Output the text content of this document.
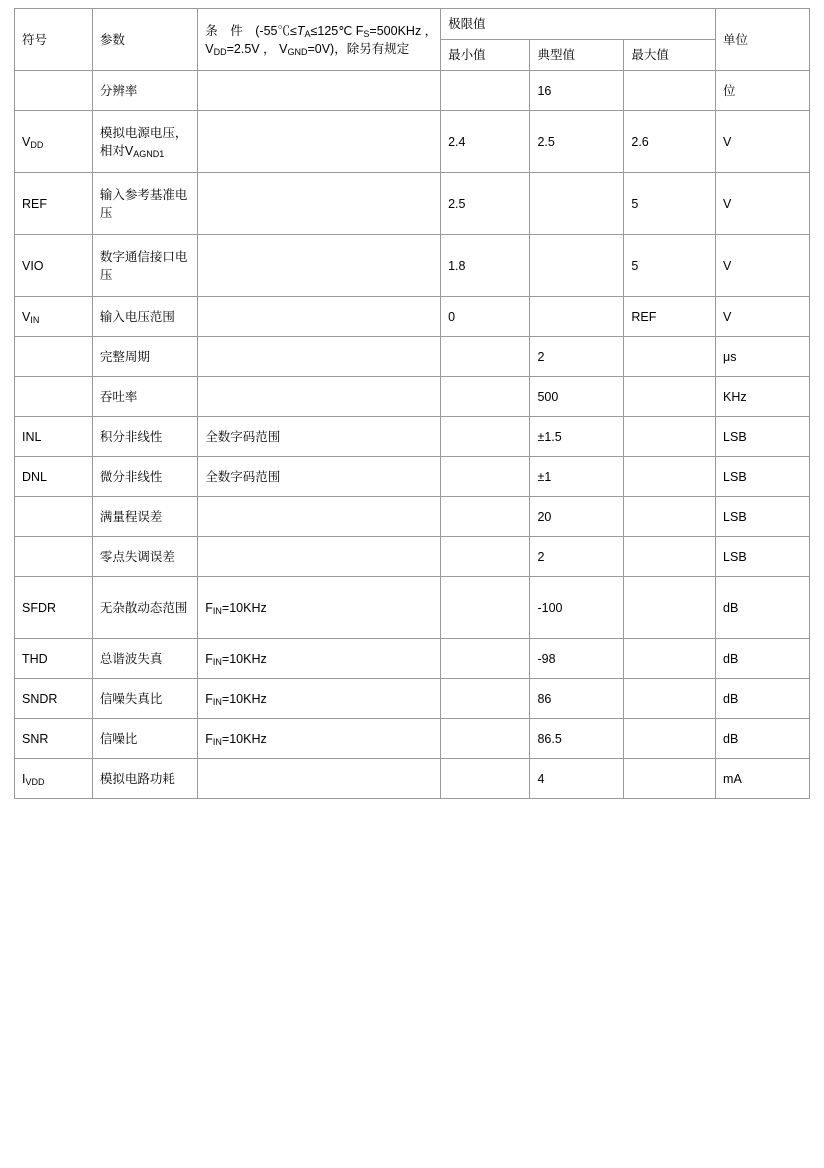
符号	参数	条　件　($-55℃\le T_A\le 125℃$ $F_S=500KHz$ ，　$V_{DD}=2.5V$ ， $V_{GND}=0V$)，除另有规定	极限值			单位
			最小值	典型值	最大值	
	分辨率			16		位
$V_{DD}$	模拟电源电压，相对$V_{AGND1}$		2.4	2.5	2.6	V
REF	输入参考基准电压		2.5		5	V
VIO	数字通信接口电压		1.8		5	V
$V_{IN}$	输入电压范围		0		REF	V
	完整周期			2		μs
	吞吐率			500		KHz
INL	积分非线性	全数字码范围		±1.5		LSB
DNL	微分非线性	全数字码范围		±1		LSB
	满量程误差			20		LSB
	零点失调误差			2		LSB
SFDR	无杂散动态范围	$F_{IN}=10KHz$		-100		dB
THD	总谐波失真	$F_{IN}=10KHz$		-98		dB
SNDR	信噪失真比	$F_{IN}=10KHz$		86		dB
SNR	信噪比	$F_{IN}=10KHz$		86.5		dB
$I_{VDD}$	模拟电路功耗			4		mA
